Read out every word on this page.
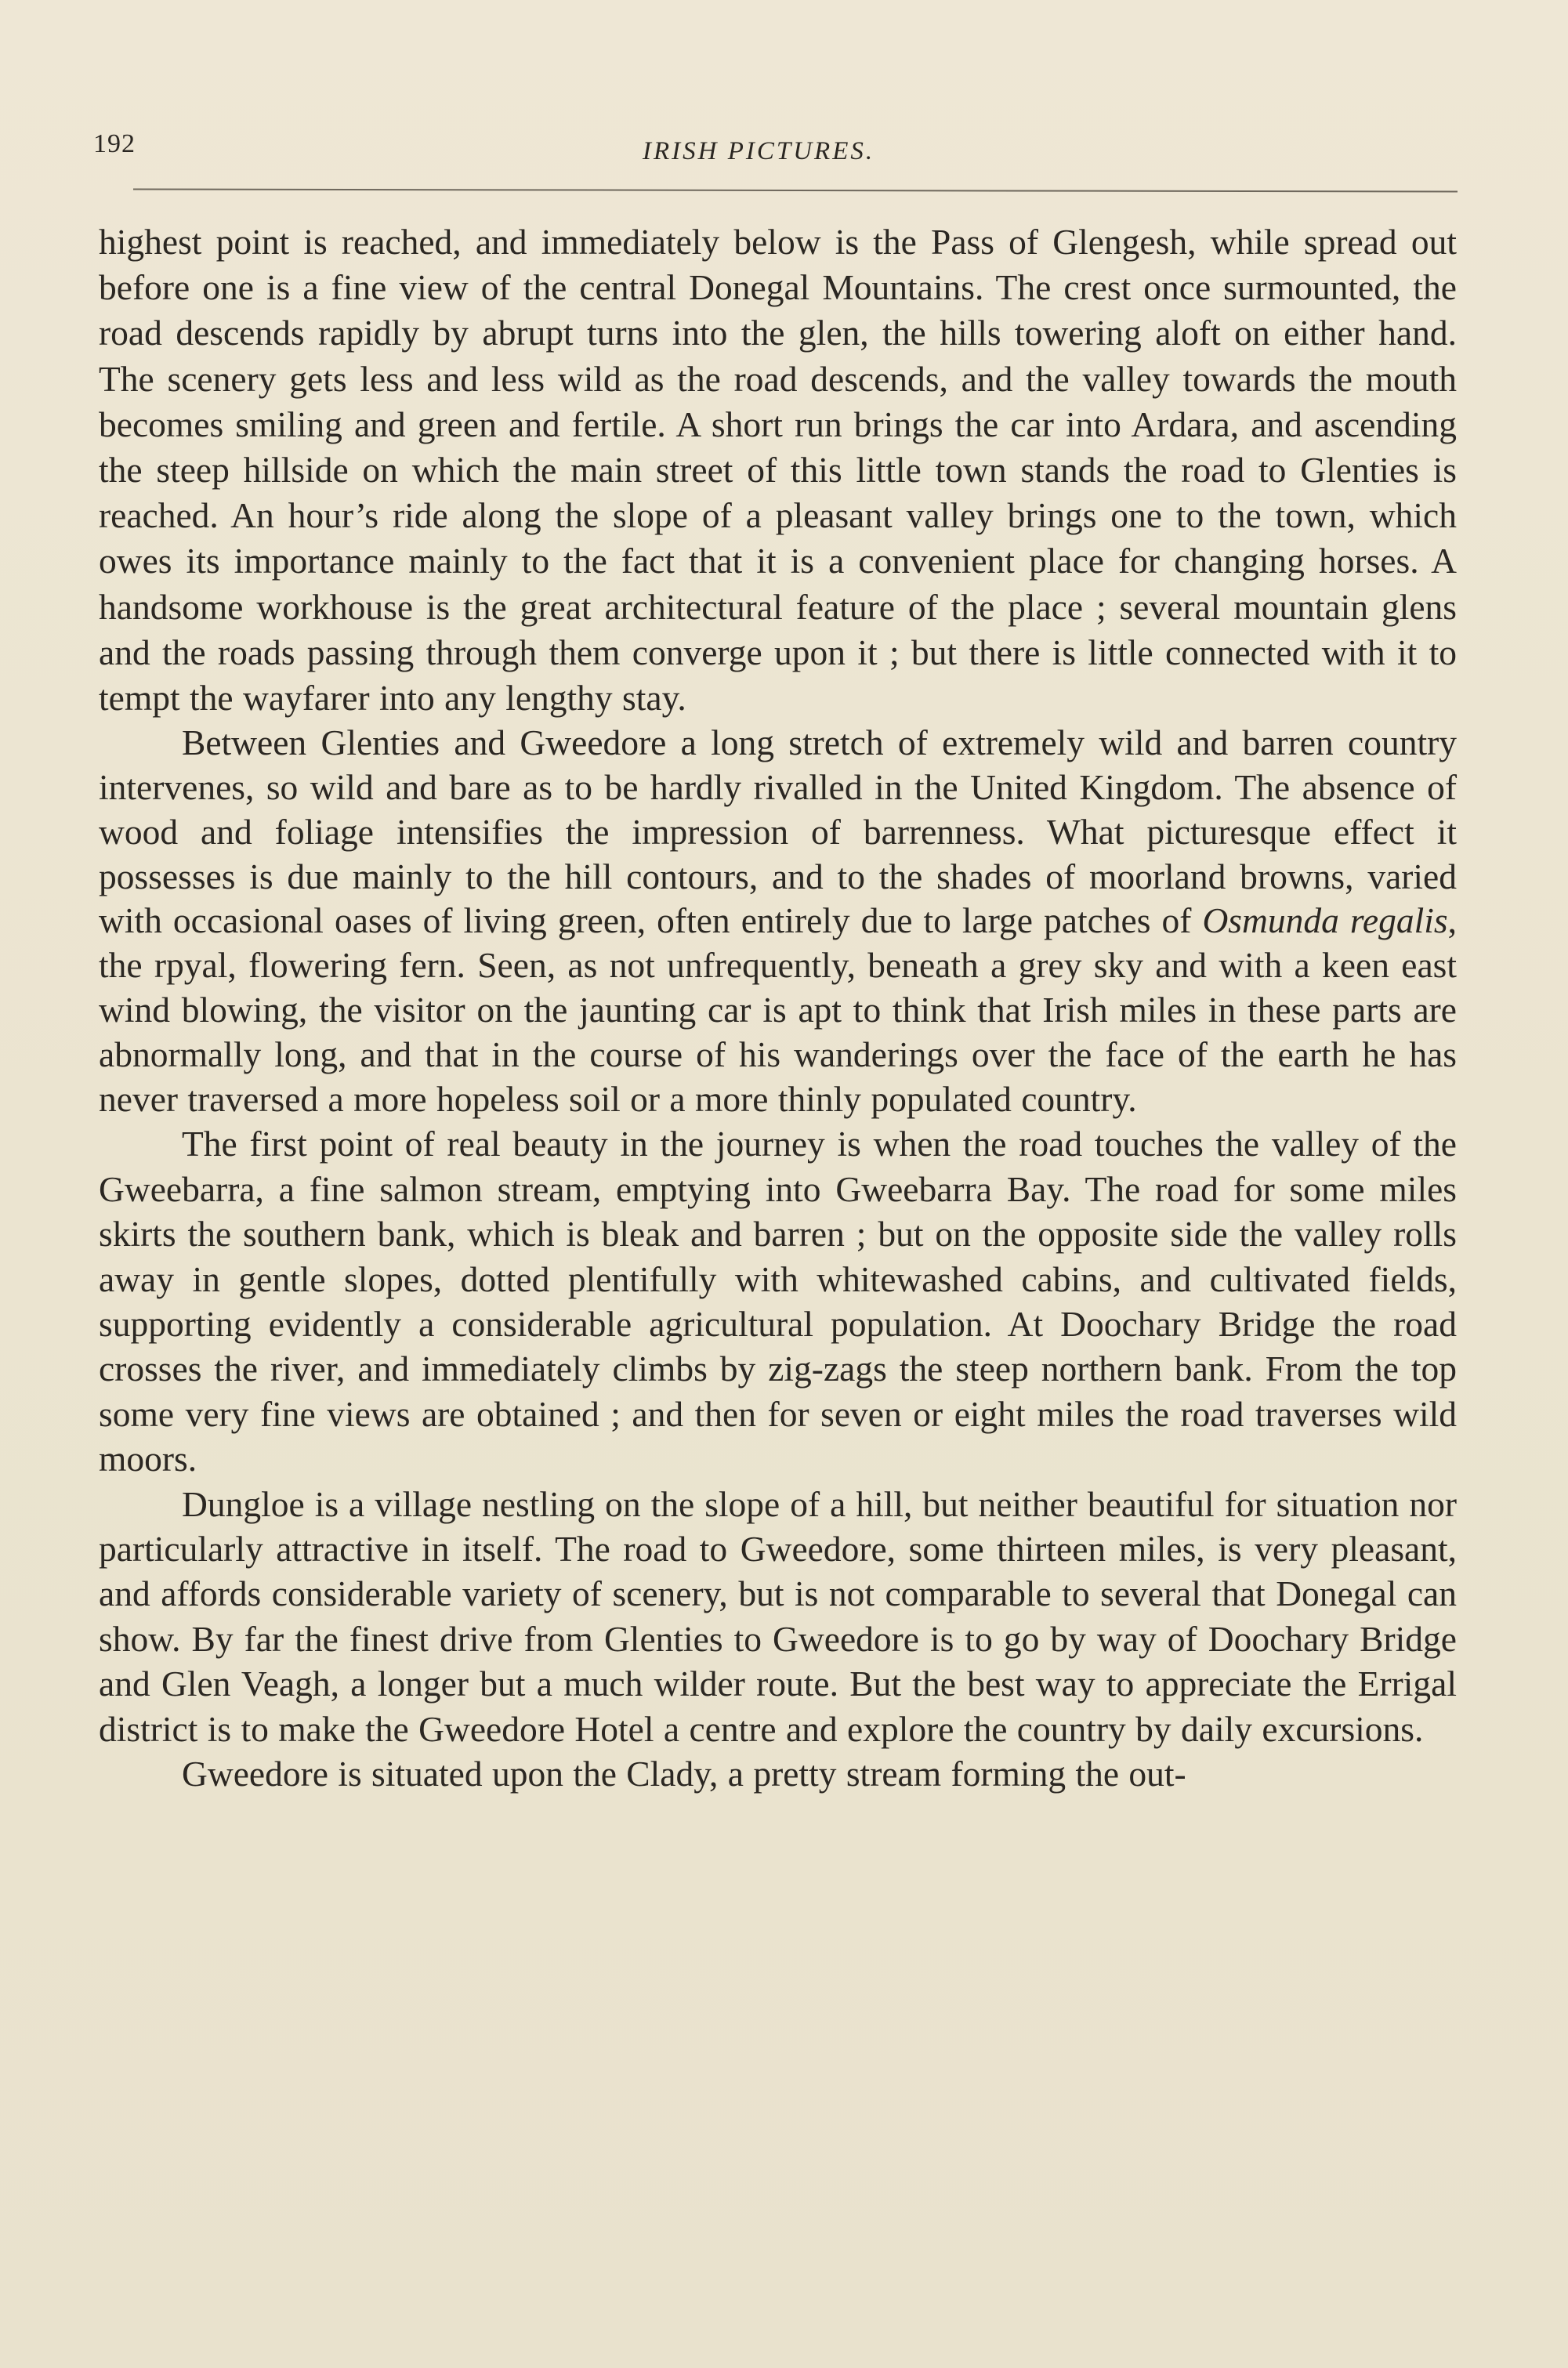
192	IRISH PICTURES.

highest point is reached, and immediately below is the Pass of Glengesh, while spread out before one is a fine view of the central Donegal Mountains. The crest once surmounted, the road descends rapidly by abrupt turns into the glen, the hills towering aloft on either hand. The scenery gets less and less wild as the road descends, and the valley towards the mouth becomes smiling and green and fertile. A short run brings the car into Ardara, and ascending the steep hillside on which the main street of this little town stands the road to Glenties is reached. An hour’s ride along the slope of a pleasant valley brings one to the town, which owes its importance mainly to the fact that it is a convenient place for changing horses. A handsome workhouse is the great architectural feature of the place ; several mountain glens and the roads passing through them converge upon it ; but there is little connected with it to tempt the wayfarer into any lengthy stay.

Between Glenties and Gweedore a long stretch of extremely wild and barren country intervenes, so wild and bare as to be hardly rivalled in the United Kingdom. The absence of wood and foliage intensifies the impression of barrenness. What picturesque effect it possesses is due mainly to the hill contours, and to the shades of moorland browns, varied with occasional oases of living green, often entirely due to large patches of Osmunda regalis, the rpyal, flowering fern. Seen, as not unfrequently, beneath a grey sky and with a keen east wind blowing, the visitor on the jaunting car is apt to think that Irish miles in these parts are abnormally long, and that in the course of his wanderings over the face of the earth he has never traversed a more hopeless soil or a more thinly populated country.

The first point of real beauty in the journey is when the road touches the valley of the Gweebarra, a fine salmon stream, emptying into Gweebarra Bay. The road for some miles skirts the southern bank, which is bleak and barren ; but on the opposite side the valley rolls away in gentle slopes, dotted plentifully with whitewashed cabins, and cultivated fields, supporting evidently a considerable agricultural population. At Doochary Bridge the road crosses the river, and immediately climbs by zig-zags the steep northern bank. From the top some very fine views are obtained ; and then for seven or eight miles the road traverses wild moors.

Dungloe is a village nestling on the slope of a hill, but neither beautiful for situation nor particularly attractive in itself. The road to Gweedore, some thirteen miles, is very pleasant, and affords considerable variety of scenery, but is not comparable to several that Donegal can show. By far the finest drive from Glenties to Gweedore is to go by way of Doochary Bridge and Glen Veagh, a longer but a much wilder route. But the best way to appreciate the Errigal district is to make the Gweedore Hotel a centre and explore the country by daily excursions.

Gweedore is situated upon the Clady, a pretty stream forming the out-
